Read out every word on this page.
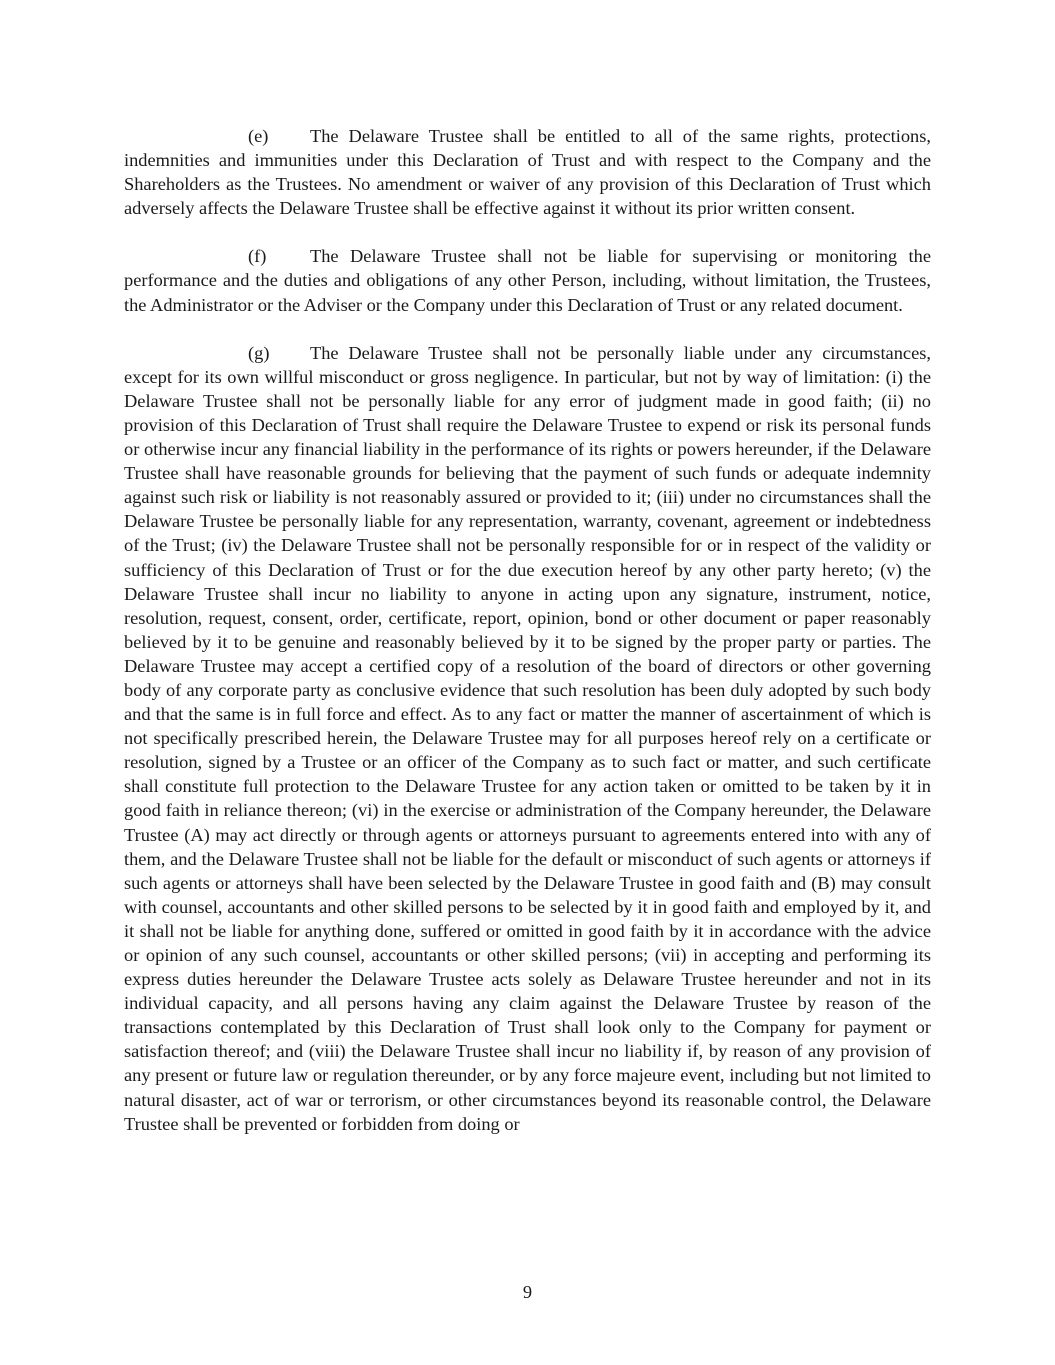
(e) The Delaware Trustee shall be entitled to all of the same rights, protections, indemnities and immunities under this Declaration of Trust and with respect to the Company and the Shareholders as the Trustees. No amendment or waiver of any provision of this Declaration of Trust which adversely affects the Delaware Trustee shall be effective against it without its prior written consent.

(f) The Delaware Trustee shall not be liable for supervising or monitoring the performance and the duties and obligations of any other Person, including, without limitation, the Trustees, the Administrator or the Adviser or the Company under this Declaration of Trust or any related document.

(g) The Delaware Trustee shall not be personally liable under any circumstances, except for its own willful misconduct or gross negligence. In particular, but not by way of limitation: (i) the Delaware Trustee shall not be personally liable for any error of judgment made in good faith; (ii) no provision of this Declaration of Trust shall require the Delaware Trustee to expend or risk its personal funds or otherwise incur any financial liability in the performance of its rights or powers hereunder, if the Delaware Trustee shall have reasonable grounds for believing that the payment of such funds or adequate indemnity against such risk or liability is not reasonably assured or provided to it; (iii) under no circumstances shall the Delaware Trustee be personally liable for any representation, warranty, covenant, agreement or indebtedness of the Trust; (iv) the Delaware Trustee shall not be personally responsible for or in respect of the validity or sufficiency of this Declaration of Trust or for the due execution hereof by any other party hereto; (v) the Delaware Trustee shall incur no liability to anyone in acting upon any signature, instrument, notice, resolution, request, consent, order, certificate, report, opinion, bond or other document or paper reasonably believed by it to be genuine and reasonably believed by it to be signed by the proper party or parties. The Delaware Trustee may accept a certified copy of a resolution of the board of directors or other governing body of any corporate party as conclusive evidence that such resolution has been duly adopted by such body and that the same is in full force and effect. As to any fact or matter the manner of ascertainment of which is not specifically prescribed herein, the Delaware Trustee may for all purposes hereof rely on a certificate or resolution, signed by a Trustee or an officer of the Company as to such fact or matter, and such certificate shall constitute full protection to the Delaware Trustee for any action taken or omitted to be taken by it in good faith in reliance thereon; (vi) in the exercise or administration of the Company hereunder, the Delaware Trustee (A) may act directly or through agents or attorneys pursuant to agreements entered into with any of them, and the Delaware Trustee shall not be liable for the default or misconduct of such agents or attorneys if such agents or attorneys shall have been selected by the Delaware Trustee in good faith and (B) may consult with counsel, accountants and other skilled persons to be selected by it in good faith and employed by it, and it shall not be liable for anything done, suffered or omitted in good faith by it in accordance with the advice or opinion of any such counsel, accountants or other skilled persons; (vii) in accepting and performing its express duties hereunder the Delaware Trustee acts solely as Delaware Trustee hereunder and not in its individual capacity, and all persons having any claim against the Delaware Trustee by reason of the transactions contemplated by this Declaration of Trust shall look only to the Company for payment or satisfaction thereof; and (viii) the Delaware Trustee shall incur no liability if, by reason of any provision of any present or future law or regulation thereunder, or by any force majeure event, including but not limited to natural disaster, act of war or terrorism, or other circumstances beyond its reasonable control, the Delaware Trustee shall be prevented or forbidden from doing or

9
